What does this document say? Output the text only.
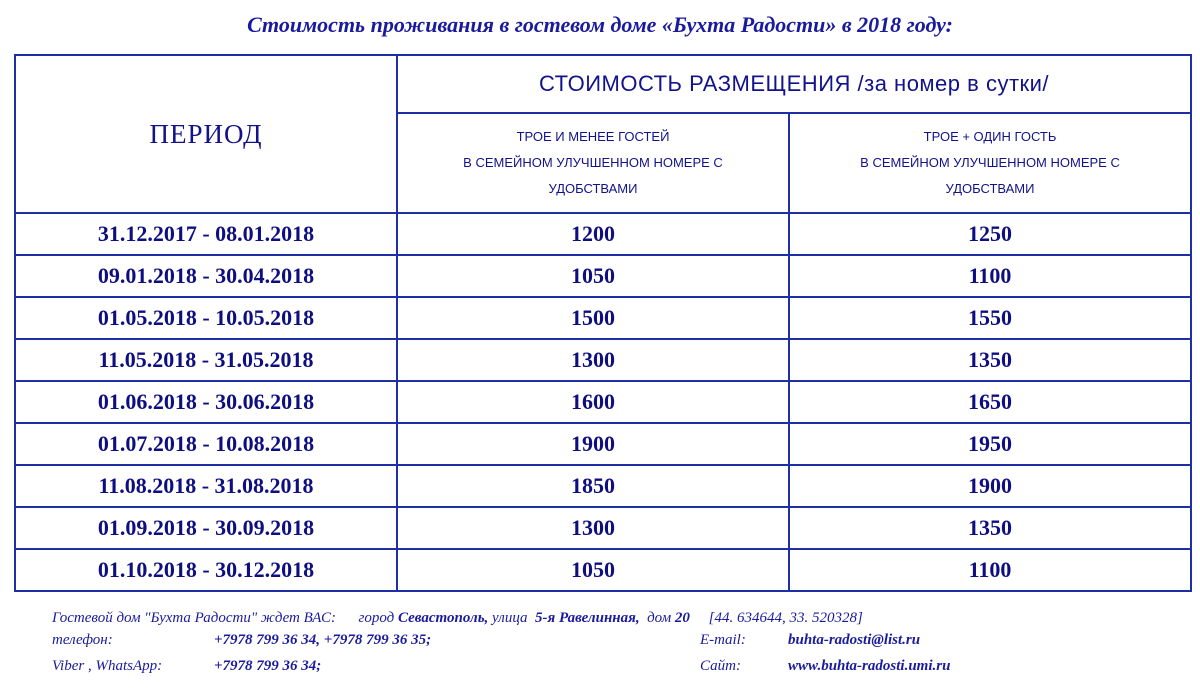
Стоимость проживания в гостевом доме «Бухта Радости» в 2018 году:
ПЕРИОД	СТОИМОСТЬ РАЗМЕЩЕНИЯ /за номер в сутки/	

	ТРОЕ И МЕНЕЕ ГОСТЕЙ
В СЕМЕЙНОМ УЛУЧШЕННОМ НОМЕРЕ С
УДОБСТВАМИ	ТРОЕ + ОДИН ГОСТЬ
В СЕМЕЙНОМ УЛУЧШЕННОМ НОМЕРЕ С
УДОБСТВАМИ

31.12.2017 - 08.01.2018	1200	1250
09.01.2018 - 30.04.2018	1050	1100
01.05.2018 - 10.05.2018	1500	1550
11.05.2018 - 31.05.2018	1300	1350
01.06.2018 - 30.06.2018	1600	1650
01.07.2018 - 10.08.2018	1900	1950
11.08.2018 - 31.08.2018	1850	1900
01.09.2018 - 30.09.2018	1300	1350
01.10.2018 - 30.12.2018	1050	1100
Гостевой дом "Бухта Радости" ждет ВАС: город Севастополь, улица 5-я Равелинная, дом 20 [44. 634644, 33. 520328]
телефон:	+7978 799 36 34, +7978 799 36 35;	E-mail:	buhta-radosti@list.ru
Viber , WhatsApp:	+7978 799 36 34;	Сайт:	www.buhta-radosti.umi.ru
